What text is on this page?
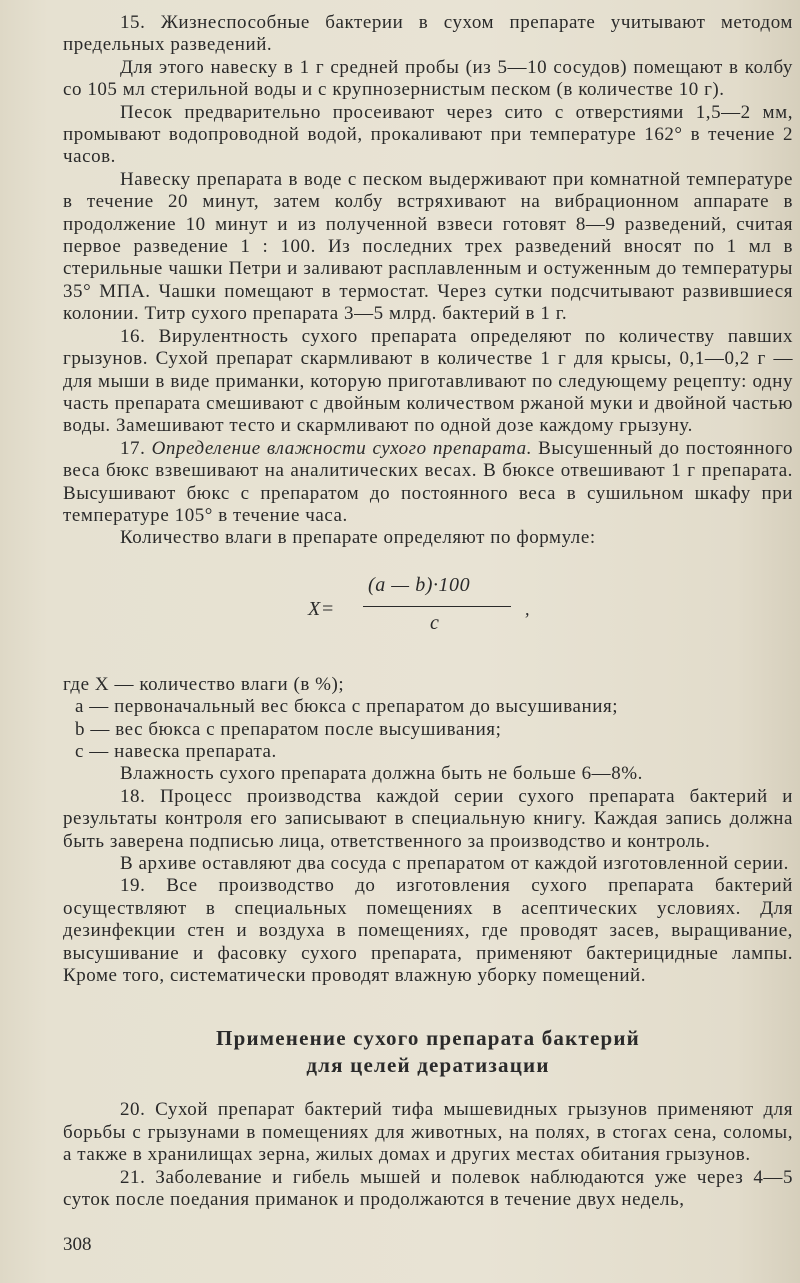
15. Жизнеспособные бактерии в сухом препарате учитывают методом предельных разведений.

Для этого навеску в 1 г средней пробы (из 5—10 сосудов) помещают в колбу со 105 мл стерильной воды и с крупнозернистым песком (в количестве 10 г).

Песок предварительно просеивают через сито с отверстиями 1,5—2 мм, промывают водопроводной водой, прокаливают при температуре 162° в течение 2 часов.

Навеску препарата в воде с песком выдерживают при комнатной температуре в течение 20 минут, затем колбу встряхивают на вибрационном аппарате в продолжение 10 минут и из полученной взвеси готовят 8—9 разведений, считая первое разведение 1 : 100. Из последних трех разведений вносят по 1 мл в стерильные чашки Петри и заливают расплавленным и остуженным до температуры 35° МПА. Чашки помещают в термостат. Через сутки подсчитывают развившиеся колонии. Титр сухого препарата 3—5 млрд. бактерий в 1 г.

16. Вирулентность сухого препарата определяют по количеству павших грызунов. Сухой препарат скармливают в количестве 1 г для крысы, 0,1—0,2 г — для мыши в виде приманки, которую приготавливают по следующему рецепту: одну часть препарата смешивают с двойным количеством ржаной муки и двойной частью воды. Замешивают тесто и скармливают по одной дозе каждому грызуну.

17. Определение влажности сухого препарата. Высушенный до постоянного веса бюкс взвешивают на аналитических весах. В бюксе отвешивают 1 г препарата. Высушивают бюкс с препаратом до постоянного веса в сушильном шкафу при температуре 105° в течение часа.

Количество влаги в препарате определяют по формуле:

X=
(a — b)·100
c
,

где X — количество влаги (в %);

a — первоначальный вес бюкса с препаратом до высушивания;

b — вес бюкса с препаратом после высушивания;

c — навеска препарата.

Влажность сухого препарата должна быть не больше 6—8%.

18. Процесс производства каждой серии сухого препарата бактерий и результаты контроля его записывают в специальную книгу. Каждая запись должна быть заверена подписью лица, ответственного за производство и контроль.

В архиве оставляют два сосуда с препаратом от каждой изготовленной серии.

19. Все производство до изготовления сухого препарата бактерий осуществляют в специальных помещениях в асептических условиях. Для дезинфекции стен и воздуха в помещениях, где проводят засев, выращивание, высушивание и фасовку сухого препарата, применяют бактерицидные лампы. Кроме того, систематически проводят влажную уборку помещений.

Применение сухого препарата бактерий
для целей дератизации

20. Сухой препарат бактерий тифа мышевидных грызунов применяют для борьбы с грызунами в помещениях для животных, на полях, в стогах сена, соломы, а также в хранилищах зерна, жилых домах и других местах обитания грызунов.

21. Заболевание и гибель мышей и полевок наблюдаются уже через 4—5 суток после поедания приманок и продолжаются в течение двух недель,

308
